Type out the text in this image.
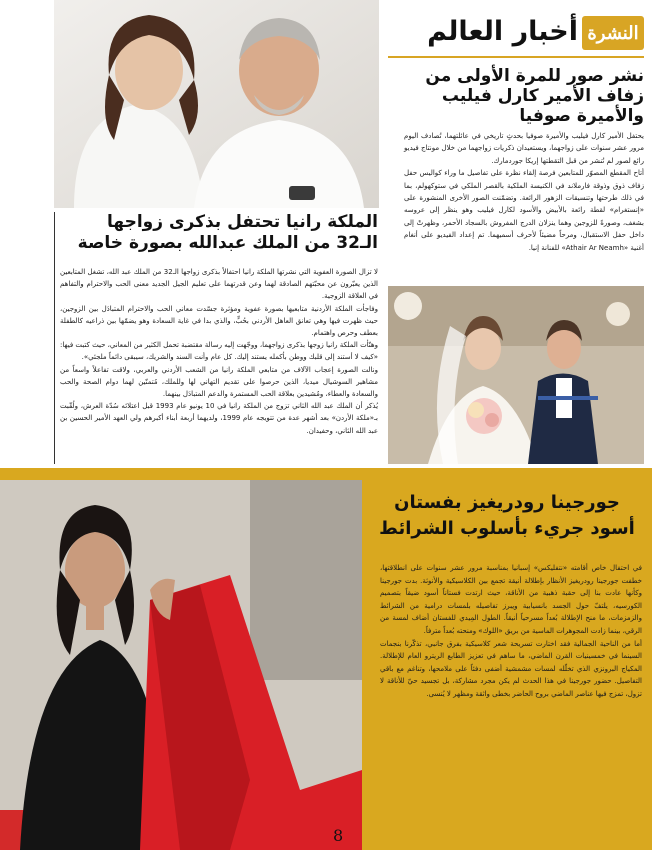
النشرة
أخبار العالم
نشر صور للمرة الأولى من زفاف الأمير كارل فيليب والأميرة صوفيا

يحتفل الأمير كارل فيليب والأميرة صوفيا بحدثٍ تاريخي في عائلتهما، تُصادف اليوم مرور عشر سنوات على زواجهما، ويستعيدان ذكريات زواجهما من خلال مونتاج فيديو رائع لصور لم تُنشر من قبل التقطتها إريكا جوردمارك.

أتاح المقطع المصوّر للمتابعين فرصة إلقاء نظرة على تفاصيل ما وراء كواليس حفل زفاف ذوق وذوقة فارملاند في الكنيسة الملكية بالقصر الملكي في ستوكهولم، بما في ذلك طرحتها وتنسيقات الزهور الرائعة. وتضمّنت الصور الأخرى المنشورة على «إنستغرام» لقطة رائعة بالأبيض والأسود لكارل فيليب وهو ينظر إلى عروسه بشغف، وصورةً للزوجين وهما ينزلان الدرج المفروش بالسجاد الأحمر، وظهرتْ إلى داخل حفل الاستقبال، ومرحاً مضيئاً لأحرف أسميهما. تم إعداد الفيديو على أنغام أغنية «Athair Ar Neamh» للفنانة إنيا.

الملكة رانيا تحتفل بذكرى زواجها الـ32 من الملك عبدالله بصورة خاصة

لا تزال الصورة العفوية التي نشرتها الملكة رانيا احتفالاً بذكرى زواجها الـ32 من الملك عبد الله، تشغل المتابعين الذين يعبّرون عن محبّتهم الصادقة لهما وعن قدرتهما على تعليم الجيل الجديد معنى الحب والاحترام والتفاهم في العلاقة الزوجية.

وفاجأت الملكة الأردنية متابعيها بصورة عفوية ومؤثرة جسّدت معاني الحب والاحترام المتبادَل بين الزوجين، حيث ظهرت فيها وهي تعانق العاهل الأردني بحُبٍّ، والذي بدا في غاية السعادة وهو يضمّها بين ذراعيه كالطفلة بعطف وحرص واهتمام.

وهنّأت الملكة رانيا زوجها بذكرى زواجهما، ووجّهت إليه رسالة مقتضبة تحمل الكثير من المعاني، حيث كتبت فيها: «كيف لا أستند إلى قلبك ووطن بأكمله يستند إليك. كل عام وأنت السند والشريك، سيبقى دائماً ملجئي».

ونالت الصورة إعجاب الآلاف من متابعي الملكة رانيا من الشعب الأردني والعربي، ولاقت تفاعلاً واسعاً من مشاهير السوشيال ميديا، الذين حرصوا على تقديم التهاني لها وللملك، مُتمنّين لهما دوام الصحة والحب والسعادة والعطاء، ومُشيدين بعلاقة الحب المستمرة والدعم المتبادَل بينهما.

يُذكر أن الملك عبد الله الثاني تزوج من الملكة رانيا في 10 يونيو عام 1993 قبل اعتلائه سُدّة العرش، ولُقّبت بـ«ملكة الأردن» بعد أشهر عدة من تتويجه عام 1999، ولديهما أربعة أبناء أكبرهم ولي العهد الأمير الحسين بن عبد الله الثاني، وحفيدان.

جورجينا رودريغيز بفستان
أسود جريء بأسلوب الشرائط

في احتفال خاص أقامته «نتفليكس» إسبانيا بمناسبة مرور عشر سنوات على انطلاقتها، خطفت جورجينا رودريغيز الأنظار بإطلالة أنيقة تجمع بين الكلاسيكية والأنوثة. بدت جورجينا وكأنها عادت بنا إلى حقبة ذهبية من الأناقة، حيث ارتدت فستاناً أسود ضيقاً بتصميم الكورسيه، يلتفّ حول الجسد بانسيابية ويبرز تفاصيله بلمسات درامية من الشرائط والزمزمات، ما منح الإطلالة بُعداً مسرحياً أنيقاً. الطول المِيدي للفستان أضاف لمسة من الرقي، بينما زادت المجوهرات الماسية من بريق «اللوك» ومنحته بُعداً مترفاً.

أما من الناحية الجمالية فقد اختارت تسريحة شعر كلاسيكية بفرق جانبي، تذكّرنا بنجمات السينما في خمسينيات القرن الماضي، ما ساهم في تعزيز الطابع الريترو العام للإطلالة. المكياج البرونزي الذي تخلّله لمسات مشمشية أضفى دفئاً على ملامحها، وتناغم مع باقي التفاصيل. حضور جورجينا في هذا الحدث لم يكن مجرد مشاركة، بل تجسيد حيّ للأناقة لا تزول، تمزج فيها عناصر الماضي بروح الحاضر بخطى واثقة ومظهر لا يُنسى.

8
